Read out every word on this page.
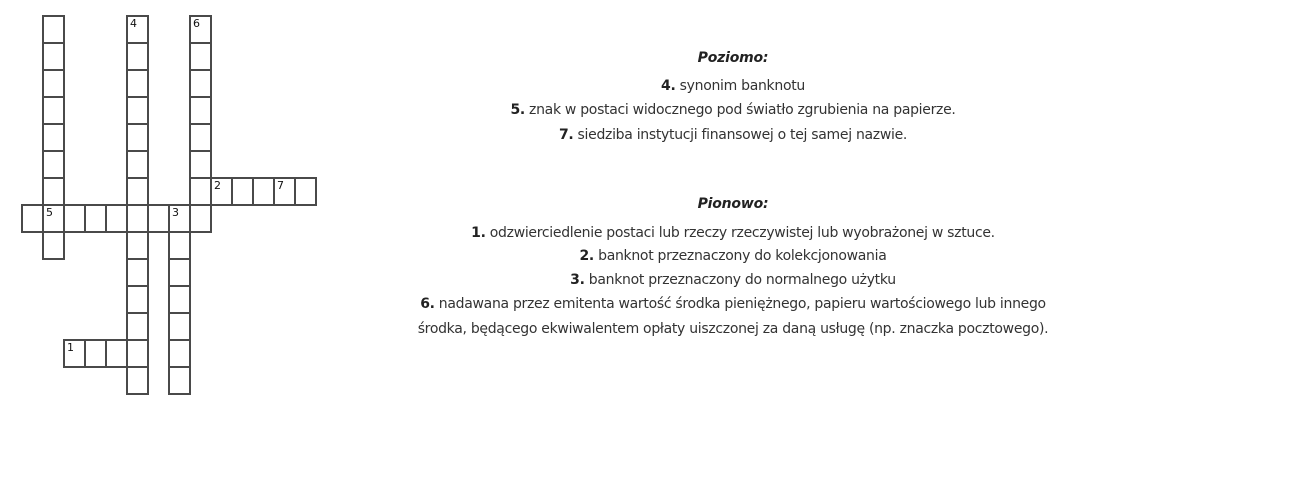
5
4	6
2	7
3
1
Poziomo:
4. synonim banknotu
5. znak w postaci widocznego pod światło zgrubienia na papierze.
7. siedziba instytucji finansowej o tej samej nazwie.
Pionowo:
1. odzwierciedlenie postaci lub rzeczy rzeczywistej lub wyobrażonej w sztuce.
2. banknot przeznaczony do kolekcjonowania
3. banknot przeznaczony do normalnego użytku
6. nadawana przez emitenta wartość środka pieniężnego, papieru wartościowego lub innego
środka, będącego ekwiwalentem opłaty uiszczonej za daną usługę (np. znaczka pocztowego).
